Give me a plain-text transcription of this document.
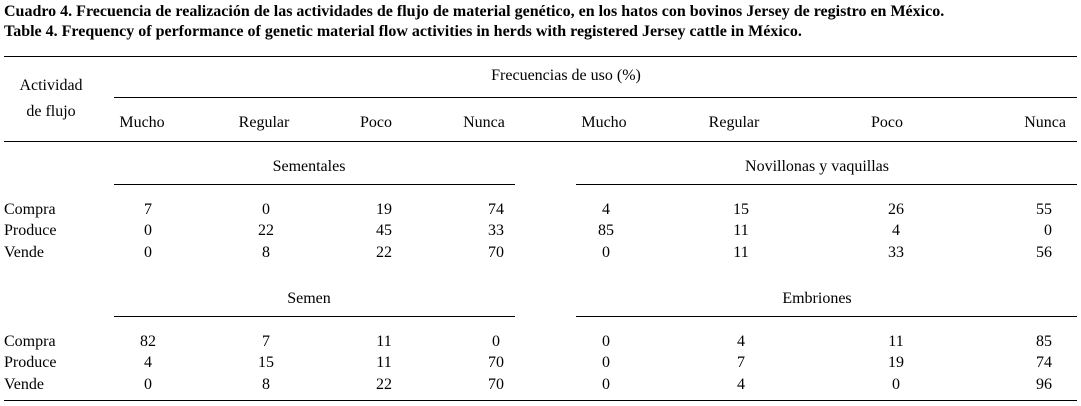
Cuadro 4. Frecuencia de realización de las actividades de flujo de material genético, en los hatos con bovinos Jersey de registro en México.
Table 4. Frequency of performance of genetic material flow activities in herds with registered Jersey cattle in México.
Actividad
de flujo
Frecuencias de uso (%)
Mucho	Regular	Poco	Nunca	Mucho	Regular	Poco	Nunca
Sementales	Novillonas y vaquillas
Compra	7	0	19	74	4	15	26	55
Produce	0	22	45	33	85	11	4	0
Vende	0	8	22	70	0	11	33	56
Semen	Embriones
Compra	82	7	11	0	0	4	11	85
Produce	4	15	11	70	0	7	19	74
Vende	0	8	22	70	0	4	0	96
